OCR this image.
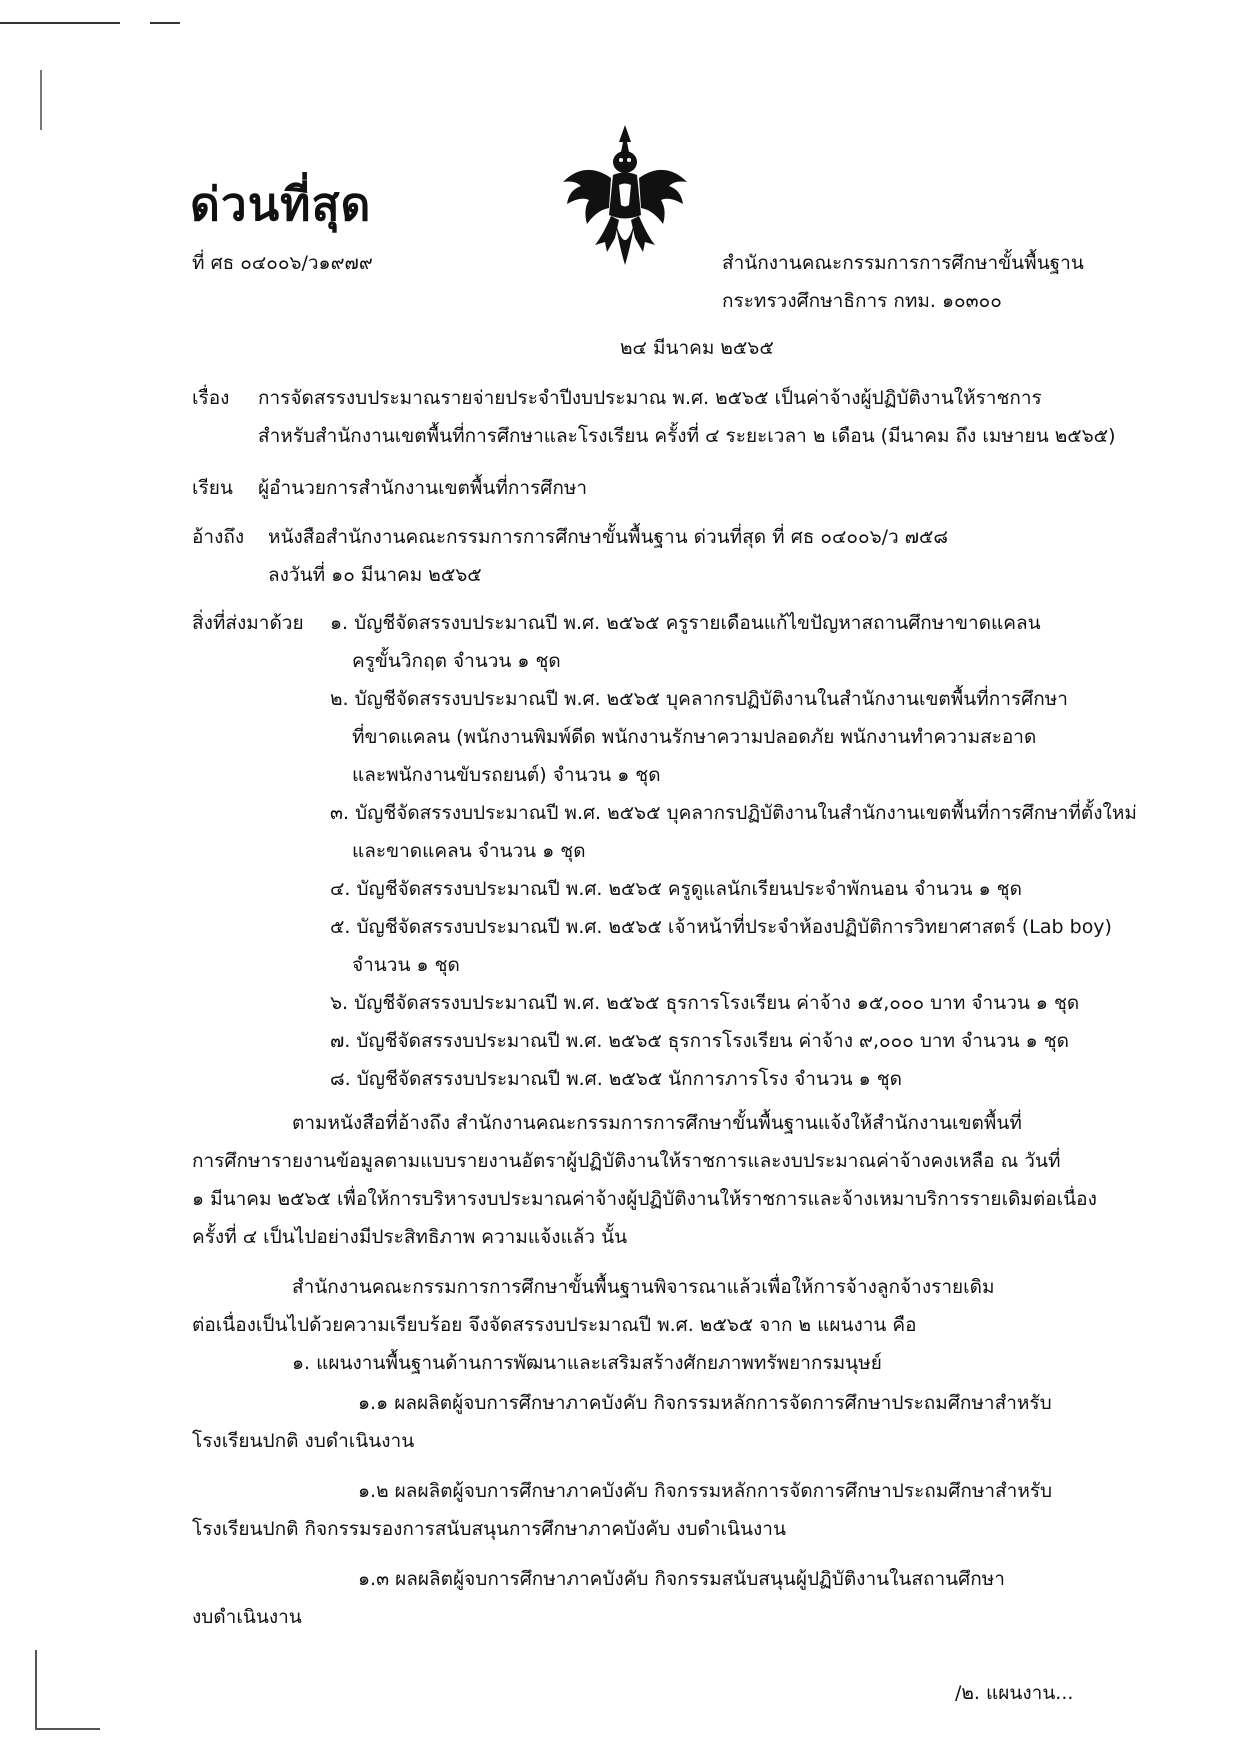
ด่วนที่สุด
ที่ ศธ ๐๔๐๐๖/ว๑๙๗๙	สำนักงานคณะกรรมการการศึกษาขั้นพื้นฐาน
กระทรวงศึกษาธิการ กทม. ๑๐๓๐๐
๒๔ มีนาคม ๒๕๖๕
เรื่อง การจัดสรรงบประมาณรายจ่ายประจำปีงบประมาณ พ.ศ. ๒๕๖๕ เป็นค่าจ้างผู้ปฏิบัติงานให้ราชการ
สำหรับสำนักงานเขตพื้นที่การศึกษาและโรงเรียน ครั้งที่ ๔ ระยะเวลา ๒ เดือน (มีนาคม ถึง เมษายน ๒๕๖๕)
เรียน ผู้อำนวยการสำนักงานเขตพื้นที่การศึกษา
อ้างถึง หนังสือสำนักงานคณะกรรมการการศึกษาขั้นพื้นฐาน ด่วนที่สุด ที่ ศธ ๐๔๐๐๖/ว ๗๕๘
ลงวันที่ ๑๐ มีนาคม ๒๕๖๕
สิ่งที่ส่งมาด้วย ๑. บัญชีจัดสรรงบประมาณปี พ.ศ. ๒๕๖๕ ครูรายเดือนแก้ไขปัญหาสถานศึกษาขาดแคลน
ครูขั้นวิกฤต จำนวน ๑ ชุด
๒. บัญชีจัดสรรงบประมาณปี พ.ศ. ๒๕๖๕ บุคลากรปฏิบัติงานในสำนักงานเขตพื้นที่การศึกษา
ที่ขาดแคลน (พนักงานพิมพ์ดีด พนักงานรักษาความปลอดภัย พนักงานทำความสะอาด
และพนักงานขับรถยนต์) จำนวน ๑ ชุด
๓. บัญชีจัดสรรงบประมาณปี พ.ศ. ๒๕๖๕ บุคลากรปฏิบัติงานในสำนักงานเขตพื้นที่การศึกษาที่ตั้งใหม่
และขาดแคลน จำนวน ๑ ชุด
๔. บัญชีจัดสรรงบประมาณปี พ.ศ. ๒๕๖๕ ครูดูแลนักเรียนประจำพักนอน จำนวน ๑ ชุด
๕. บัญชีจัดสรรงบประมาณปี พ.ศ. ๒๕๖๕ เจ้าหน้าที่ประจำห้องปฏิบัติการวิทยาศาสตร์ (Lab boy)
จำนวน ๑ ชุด
๖. บัญชีจัดสรรงบประมาณปี พ.ศ. ๒๕๖๕ ธุรการโรงเรียน ค่าจ้าง ๑๕,๐๐๐ บาท จำนวน ๑ ชุด
๗. บัญชีจัดสรรงบประมาณปี พ.ศ. ๒๕๖๕ ธุรการโรงเรียน ค่าจ้าง ๙,๐๐๐ บาท จำนวน ๑ ชุด
๘. บัญชีจัดสรรงบประมาณปี พ.ศ. ๒๕๖๕ นักการภารโรง จำนวน ๑ ชุด
ตามหนังสือที่อ้างถึง สำนักงานคณะกรรมการการศึกษาขั้นพื้นฐานแจ้งให้สำนักงานเขตพื้นที่
การศึกษารายงานข้อมูลตามแบบรายงานอัตราผู้ปฏิบัติงานให้ราชการและงบประมาณค่าจ้างคงเหลือ ณ วันที่
๑ มีนาคม ๒๕๖๕ เพื่อให้การบริหารงบประมาณค่าจ้างผู้ปฏิบัติงานให้ราชการและจ้างเหมาบริการรายเดิมต่อเนื่อง
ครั้งที่ ๔ เป็นไปอย่างมีประสิทธิภาพ ความแจ้งแล้ว นั้น
สำนักงานคณะกรรมการการศึกษาขั้นพื้นฐานพิจารณาแล้วเพื่อให้การจ้างลูกจ้างรายเดิม
ต่อเนื่องเป็นไปด้วยความเรียบร้อย จึงจัดสรรงบประมาณปี พ.ศ. ๒๕๖๕ จาก ๒ แผนงาน คือ
๑. แผนงานพื้นฐานด้านการพัฒนาและเสริมสร้างศักยภาพทรัพยากรมนุษย์
๑.๑ ผลผลิตผู้จบการศึกษาภาคบังคับ กิจกรรมหลักการจัดการศึกษาประถมศึกษาสำหรับ
โรงเรียนปกติ งบดำเนินงาน
๑.๒ ผลผลิตผู้จบการศึกษาภาคบังคับ กิจกรรมหลักการจัดการศึกษาประถมศึกษาสำหรับ
โรงเรียนปกติ กิจกรรมรองการสนับสนุนการศึกษาภาคบังคับ งบดำเนินงาน
๑.๓ ผลผลิตผู้จบการศึกษาภาคบังคับ กิจกรรมสนับสนุนผู้ปฏิบัติงานในสถานศึกษา
งบดำเนินงาน
/๒. แผนงาน...
